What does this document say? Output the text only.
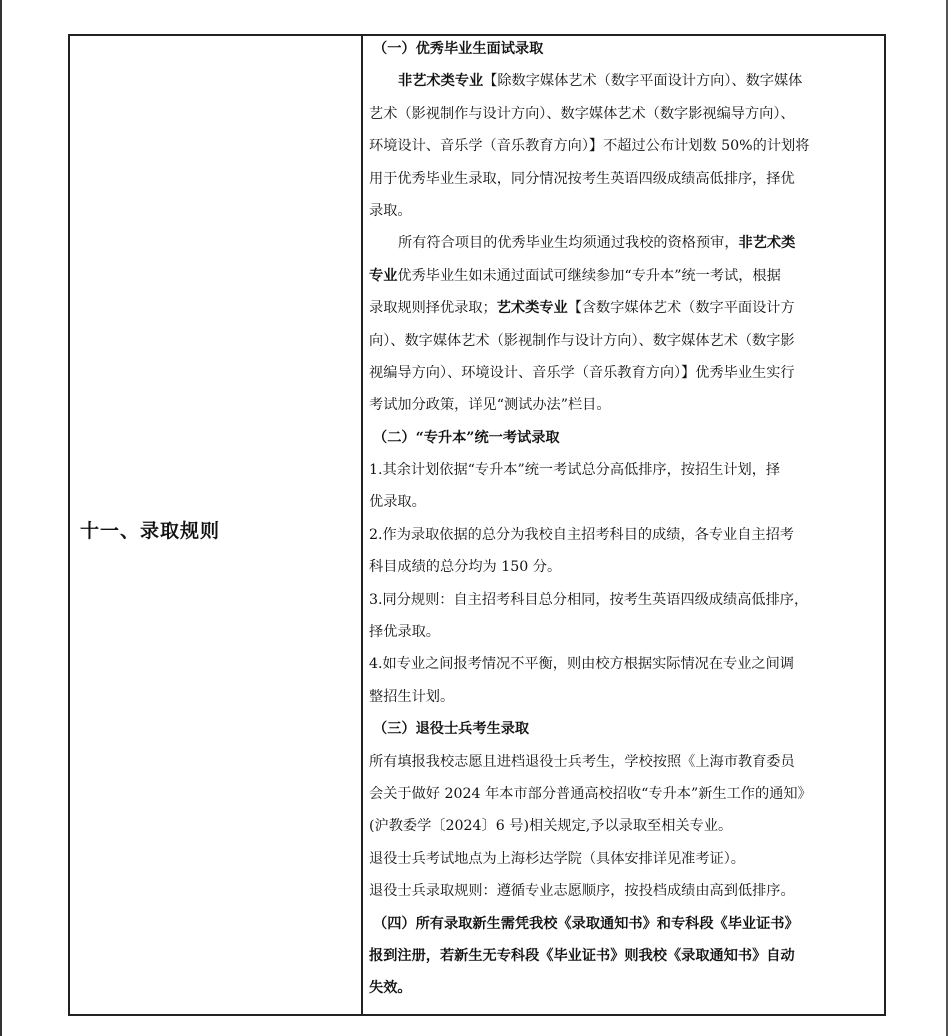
十一、录取规则
（一）优秀毕业生面试录取
非艺术类专业【除数字媒体艺术（数字平面设计方向）、数字媒体
艺术（影视制作与设计方向）、数字媒体艺术（数字影视编导方向）、
环境设计、音乐学（音乐教育方向）】不超过公布计划数 50%的计划将
用于优秀毕业生录取，同分情况按考生英语四级成绩高低排序，择优
录取。
所有符合项目的优秀毕业生均须通过我校的资格预审，非艺术类
专业优秀毕业生如未通过面试可继续参加“专升本”统一考试，根据
录取规则择优录取；艺术类专业【含数字媒体艺术（数字平面设计方
向）、数字媒体艺术（影视制作与设计方向）、数字媒体艺术（数字影
视编导方向）、环境设计、音乐学（音乐教育方向）】优秀毕业生实行
考试加分政策，详见“测试办法”栏目。
（二）“专升本”统一考试录取
1.其余计划依据“专升本”统一考试总分高低排序，按招生计划，择
优录取。
2.作为录取依据的总分为我校自主招考科目的成绩，各专业自主招考
科目成绩的总分均为 150 分。
3.同分规则：自主招考科目总分相同，按考生英语四级成绩高低排序，
择优录取。
4.如专业之间报考情况不平衡，则由校方根据实际情况在专业之间调
整招生计划。
（三）退役士兵考生录取
所有填报我校志愿且进档退役士兵考生，学校按照《上海市教育委员
会关于做好 2024 年本市部分普通高校招收“专升本”新生工作的通知》
(沪教委学〔2024〕6 号)相关规定,予以录取至相关专业。
退役士兵考试地点为上海杉达学院（具体安排详见准考证）。
退役士兵录取规则：遵循专业志愿顺序，按投档成绩由高到低排序。
（四）所有录取新生需凭我校《录取通知书》和专科段《毕业证书》
报到注册，若新生无专科段《毕业证书》则我校《录取通知书》自动
失效。
